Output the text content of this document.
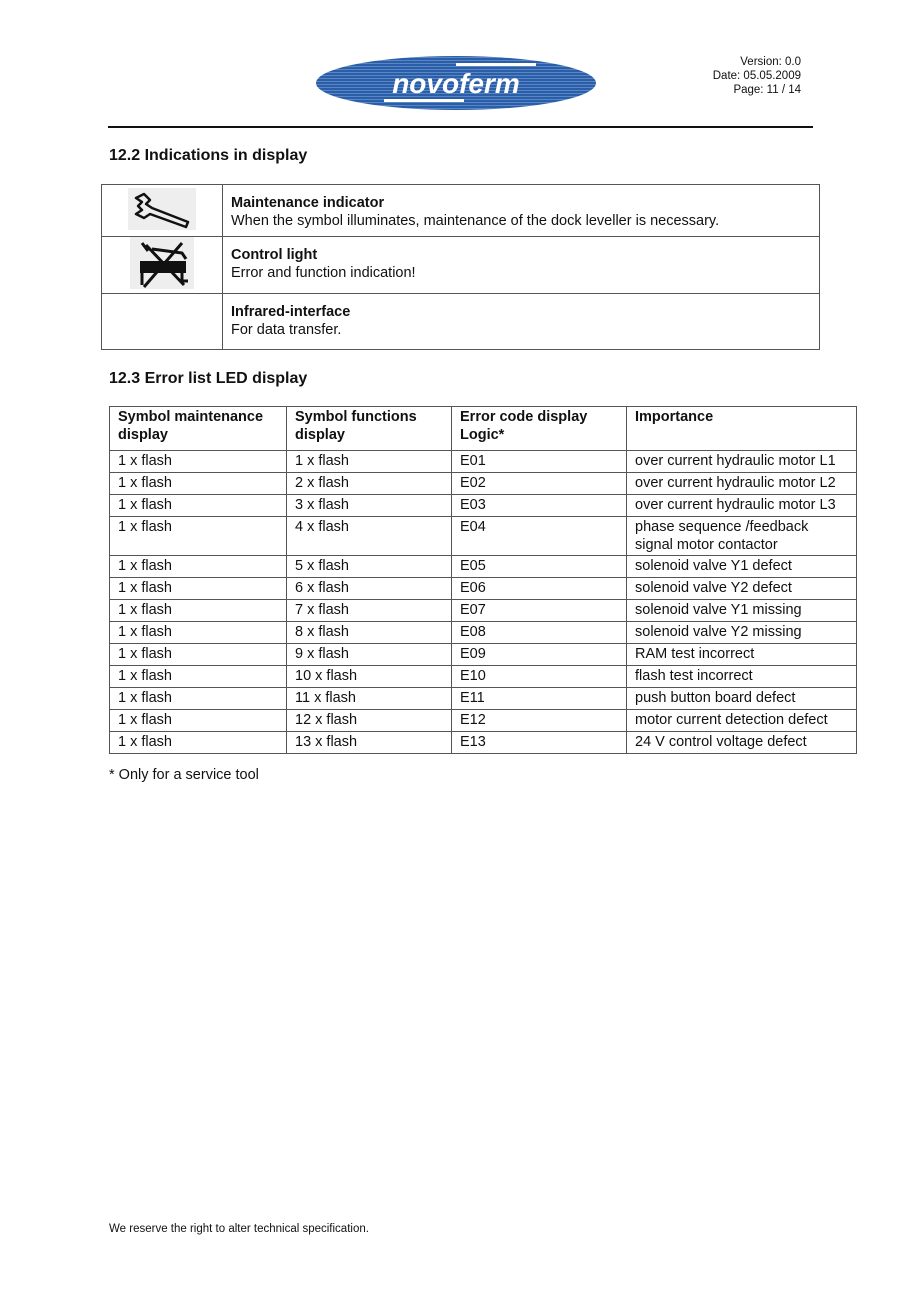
novoferm
Version: 0.0
Date: 05.05.2009
Page: 11 / 14
12.2 Indications in display

Maintenance indicator
When the symbol illuminates, maintenance of the dock leveller is necessary.

Control light
Error and function indication!

	Infrared-interface
For data transfer.
12.3 Error list LED display
Symbol maintenance display	Symbol functions display	Error code display Logic*	Importance
1 x flash	1 x flash	E01	over current hydraulic motor L1
1 x flash	2 x flash	E02	over current hydraulic motor L2
1 x flash	3 x flash	E03	over current hydraulic motor L3
1 x flash	4 x flash	E04	phase sequence /feedback signal motor contactor
1 x flash	5 x flash	E05	solenoid valve Y1 defect
1 x flash	6 x flash	E06	solenoid valve Y2 defect
1 x flash	7 x flash	E07	solenoid valve Y1 missing
1 x flash	8 x flash	E08	solenoid valve Y2 missing
1 x flash	9 x flash	E09	RAM test incorrect
1 x flash	10 x flash	E10	flash test incorrect
1 x flash	11 x flash	E11	push button board defect
1 x flash	12 x flash	E12	motor current detection defect
1 x flash	13 x flash	E13	24 V control voltage defect
* Only for a service tool
We reserve the right to alter technical specification.
